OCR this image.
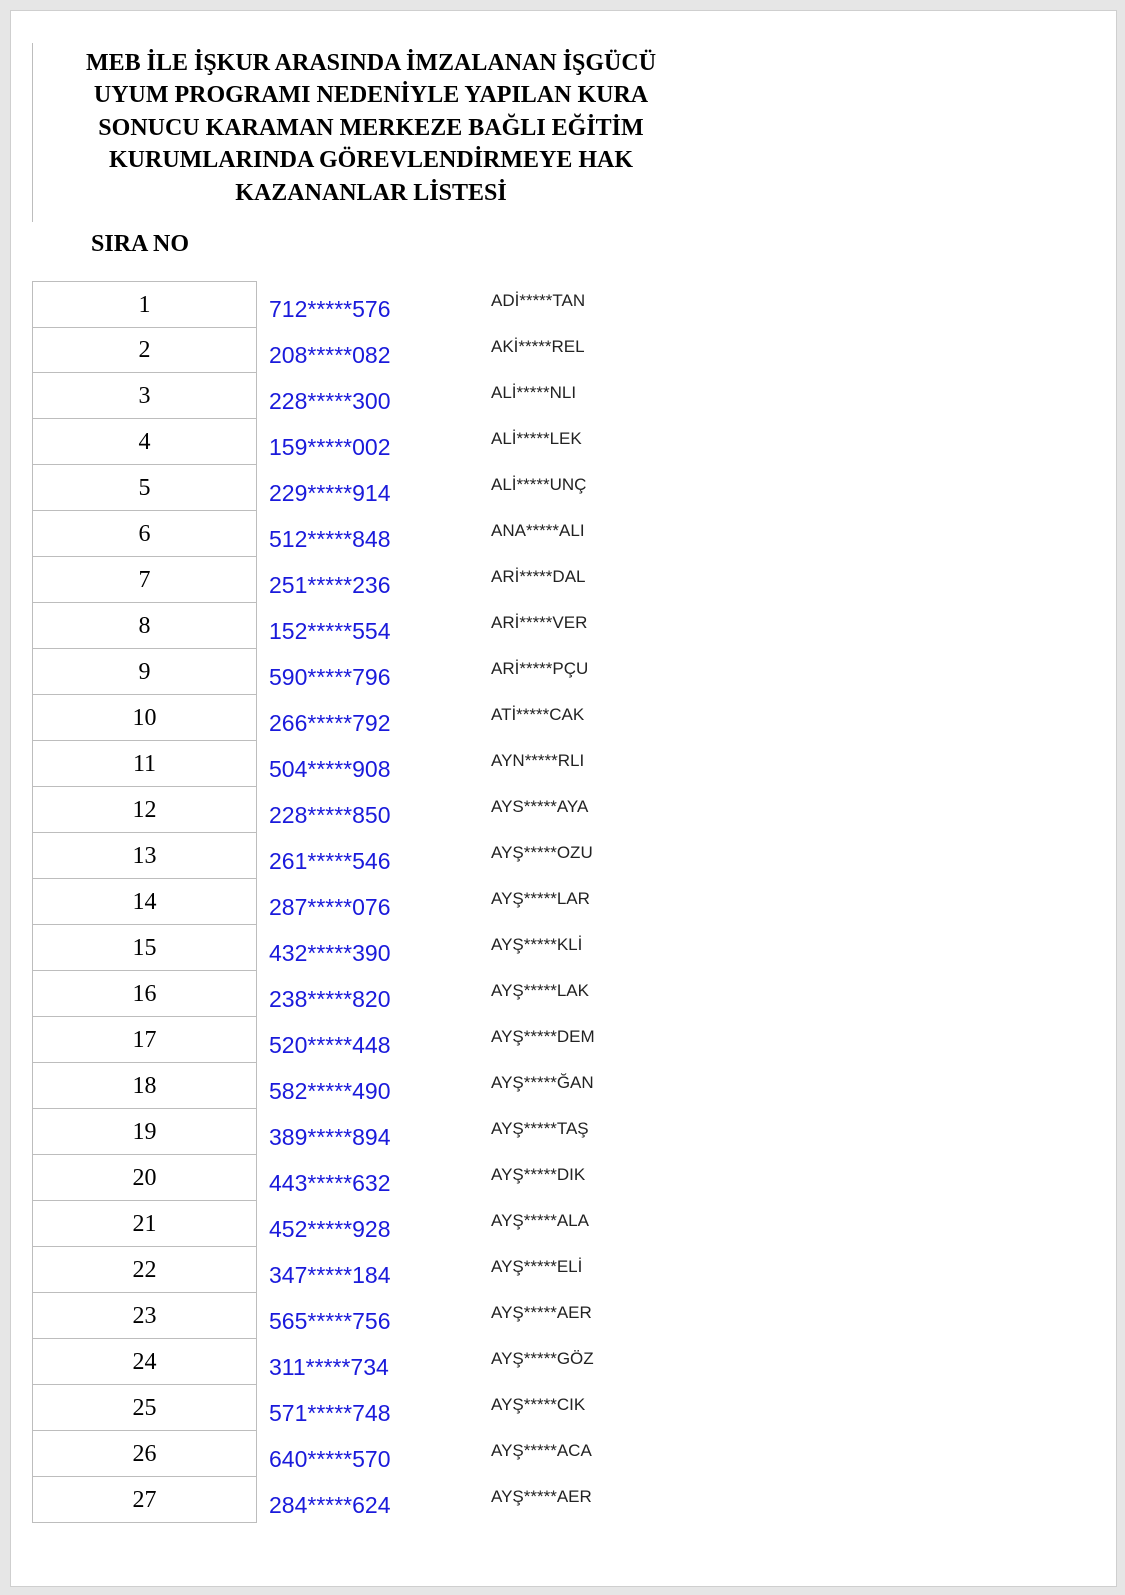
MEB İLE İŞKUR ARASINDA İMZALANAN İŞGÜCÜ
UYUM PROGRAMI NEDENİYLE YAPILAN KURA
SONUCU KARAMAN MERKEZE BAĞLI EĞİTİM
KURUMLARINDA GÖREVLENDİRMEYE HAK
KAZANANLAR LİSTESİ
SIRA NO
1	712*****576	ADİ*****TAN
2	208*****082	AKİ*****REL
3	228*****300	ALİ*****NLI
4	159*****002	ALİ*****LEK
5	229*****914	ALİ*****UNÇ
6	512*****848	ANA*****ALI
7	251*****236	ARİ*****DAL
8	152*****554	ARİ*****VER
9	590*****796	ARİ*****PÇU
10	266*****792	ATİ*****CAK
11	504*****908	AYN*****RLI
12	228*****850	AYS*****AYA
13	261*****546	AYŞ*****OZU
14	287*****076	AYŞ*****LAR
15	432*****390	AYŞ*****KLİ
16	238*****820	AYŞ*****LAK
17	520*****448	AYŞ*****DEM
18	582*****490	AYŞ*****ĞAN
19	389*****894	AYŞ*****TAŞ
20	443*****632	AYŞ*****DIK
21	452*****928	AYŞ*****ALA
22	347*****184	AYŞ*****ELİ
23	565*****756	AYŞ*****AER
24	311*****734	AYŞ*****GÖZ
25	571*****748	AYŞ*****CIK
26	640*****570	AYŞ*****ACA
27	284*****624	AYŞ*****AER
